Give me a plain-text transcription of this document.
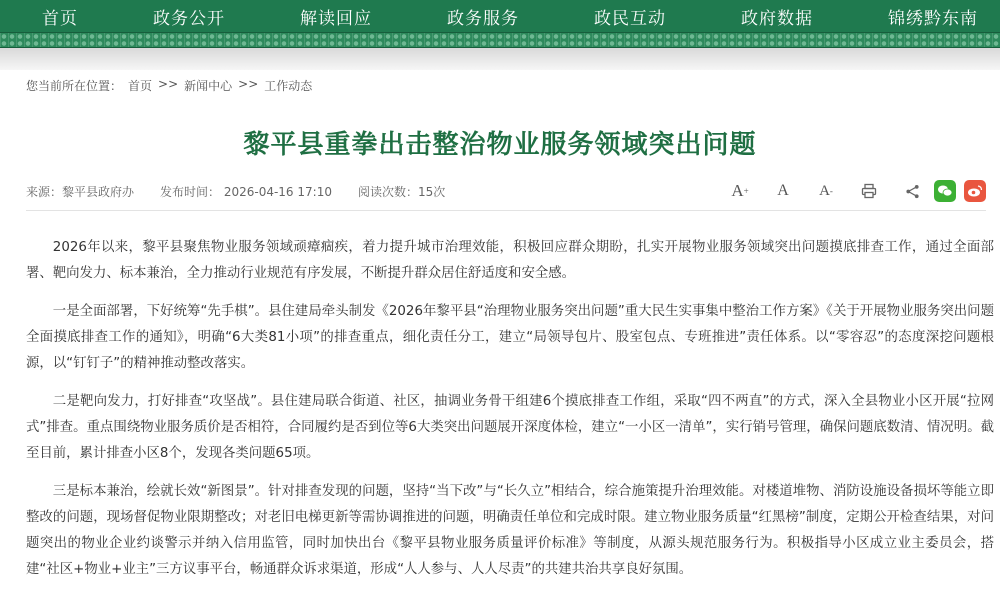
首页	政务公开	解读回应	政务服务	政民互动	政府数据	锦绣黔东南
您当前所在位置： 首页 >> 新闻中心 >> 工作动态
黎平县重拳出击整治物业服务领域突出问题
来源：黎平县政府办 发布时间： 2026-04-16 17:10 阅读次数：15次	A + A A -

2026年以来，黎平县聚焦物业服务领域顽瘴痼疾，着力提升城市治理效能，积极回应群众期盼，扎实开展物业服务领域突出问题摸底排查工作，通过全面部署、靶向发力、标本兼治，全力推动行业规范有序发展，不断提升群众居住舒适度和安全感。

一是全面部署，下好统筹“先手棋”。县住建局牵头制发《2026年黎平县“治理物业服务突出问题”重大民生实事集中整治工作方案》《关于开展物业服务突出问题全面摸底排查工作的通知》，明确“6大类81小项”的排查重点，细化责任分工，建立“局领导包片、股室包点、专班推进”责任体系。以“零容忍”的态度深挖问题根源，以“钉钉子”的精神推动整改落实。

二是靶向发力，打好排查“攻坚战”。县住建局联合街道、社区，抽调业务骨干组建6个摸底排查工作组，采取“四不两直”的方式，深入全县物业小区开展“拉网式”排查。重点围绕物业服务质价是否相符，合同履约是否到位等6大类突出问题展开深度体检，建立“一小区一清单”，实行销号管理，确保问题底数清、情况明。截至目前，累计排查小区8个，发现各类问题65项。

三是标本兼治，绘就长效“新图景”。针对排查发现的问题，坚持“当下改”与“长久立”相结合，综合施策提升治理效能。对楼道堆物、消防设施设备损坏等能立即整改的问题，现场督促物业限期整改；对老旧电梯更新等需协调推进的问题，明确责任单位和完成时限。建立物业服务质量“红黑榜”制度，定期公开检查结果，对问题突出的物业企业约谈警示并纳入信用监管，同时加快出台《黎平县物业服务质量评价标准》等制度，从源头规范服务行为。积极指导小区成立业主委员会，搭建“社区+物业+业主”三方议事平台，畅通群众诉求渠道，形成“人人参与、人人尽责”的共建共治共享良好氛围。
